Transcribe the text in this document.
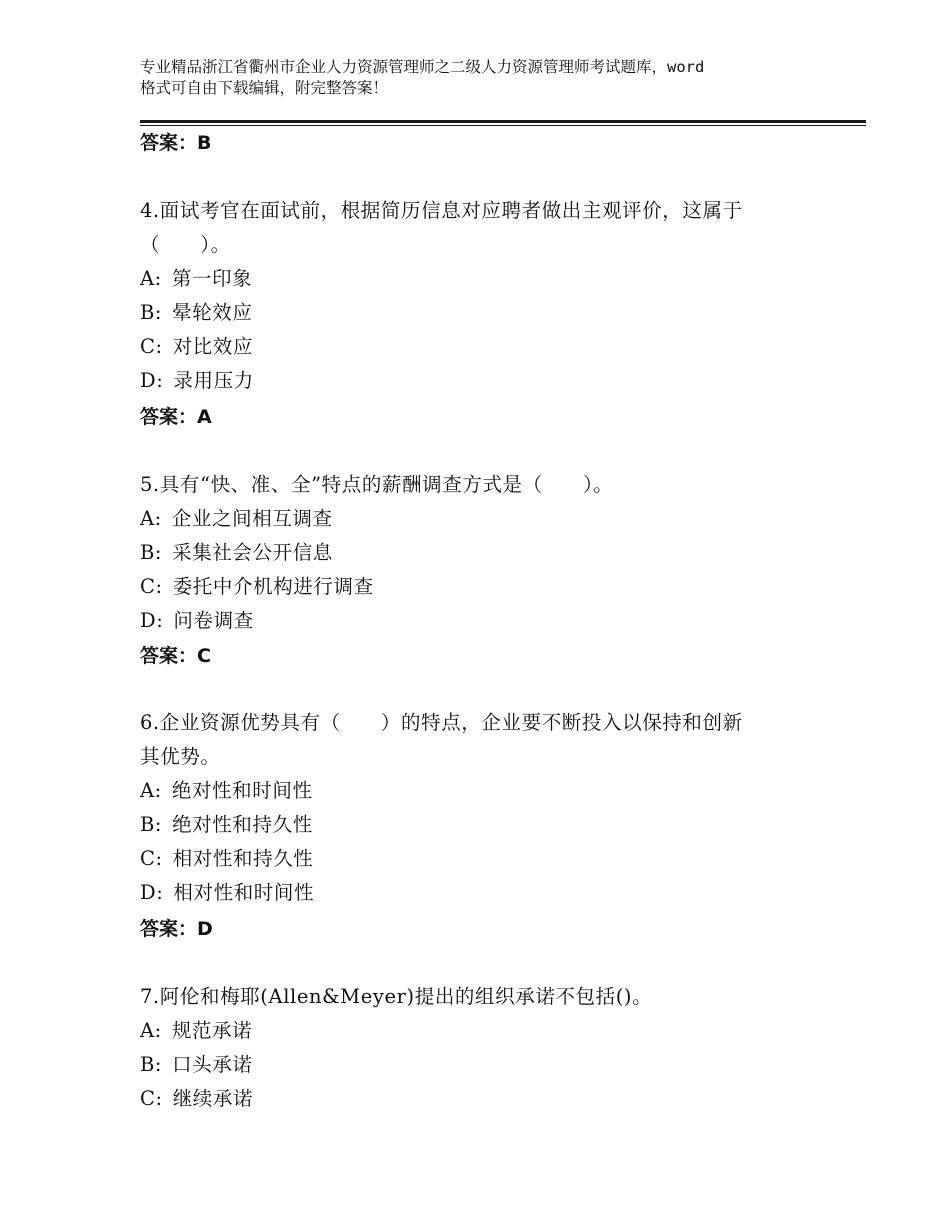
专业精品浙江省衢州市企业人力资源管理师之二级人力资源管理师考试题库，word
格式可自由下载编辑，附完整答案！
答案：B
4.面试考官在面试前，根据简历信息对应聘者做出主观评价，这属于
（　　）。
A: 第一印象
B: 晕轮效应
C: 对比效应
D: 录用压力
答案：A
5.具有“快、准、全”特点的薪酬调查方式是（　　）。
A: 企业之间相互调查
B: 采集社会公开信息
C: 委托中介机构进行调查
D: 问卷调查
答案：C
6.企业资源优势具有（　　）的特点，企业要不断投入以保持和创新
其优势。
A: 绝对性和时间性
B: 绝对性和持久性
C: 相对性和持久性
D: 相对性和时间性
答案：D
7.阿伦和梅耶(Allen&Meyer)提出的组织承诺不包括()。
A: 规范承诺
B: 口头承诺
C: 继续承诺
